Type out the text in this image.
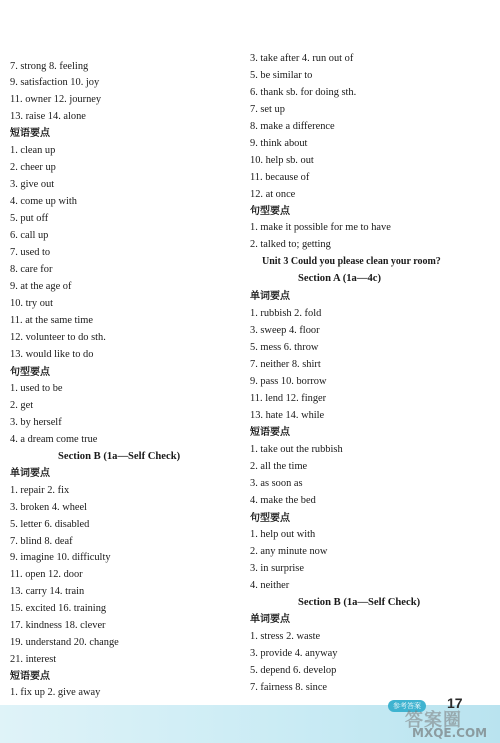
7. strong 8. feeling
9. satisfaction 10. joy
11. owner 12. journey
13. raise 14. alone
短语要点
1. clean up
2. cheer up
3. give out
4. come up with
5. put off
6. call up
7. used to
8. care for
9. at the age of
10. try out
11. at the same time
12. volunteer to do sth.
13. would like to do
句型要点
1. used to be
2. get
3. by herself
4. a dream come true
Section B (1a—Self Check)
单词要点
1. repair 2. fix
3. broken 4. wheel
5. letter 6. disabled
7. blind 8. deaf
9. imagine 10. difficulty
11. open 12. door
13. carry 14. train
15. excited 16. training
17. kindness 18. clever
19. understand 20. change
21. interest
短语要点
1. fix up 2. give away
3. take after 4. run out of
5. be similar to
6. thank sb. for doing sth.
7. set up
8. make a difference
9. think about
10. help sb. out
11. because of
12. at once
句型要点
1. make it possible for me to have
2. talked to; getting
Unit 3 Could you please clean your room?
Section A (1a—4c)
单词要点
1. rubbish 2. fold
3. sweep 4. floor
5. mess 6. throw
7. neither 8. shirt
9. pass 10. borrow
11. lend 12. finger
13. hate 14. while
短语要点
1. take out the rubbish
2. all the time
3. as soon as
4. make the bed
句型要点
1. help out with
2. any minute now
3. in surprise
4. neither
Section B (1a—Self Check)
单词要点
1. stress 2. waste
3. provide 4. anyway
5. depend 6. develop
7. fairness 8. since
参考答案	17
答案圈
MXQE.COM
